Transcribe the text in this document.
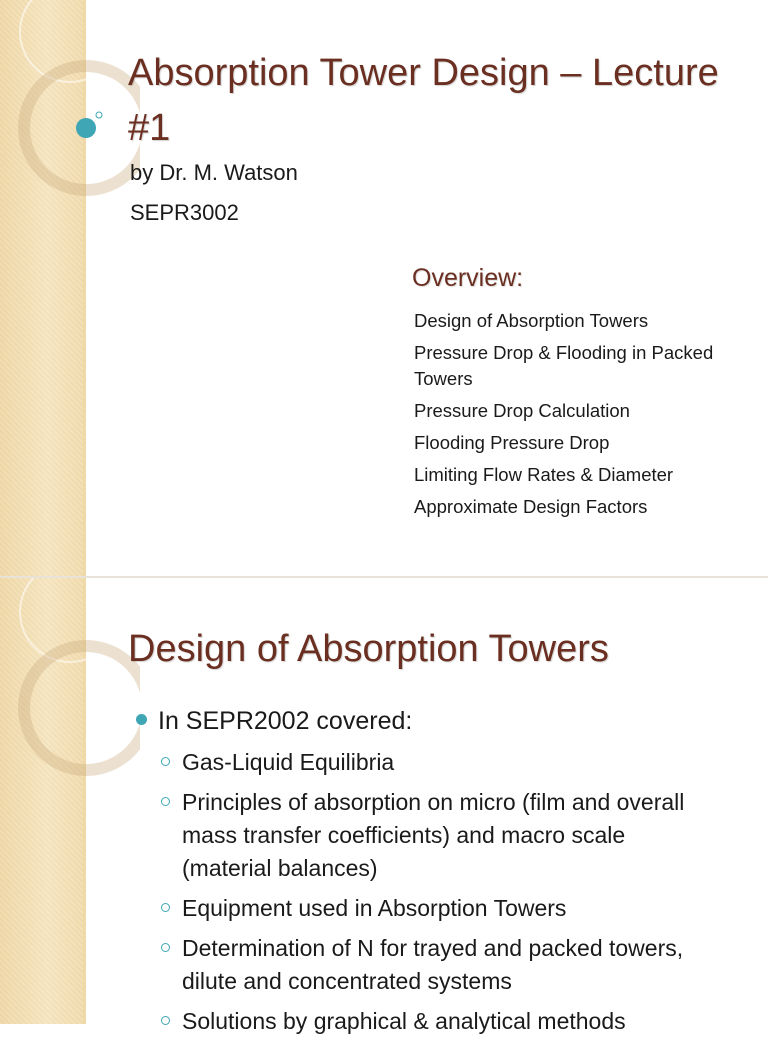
Absorption Tower Design – Lecture #1
by Dr. M. Watson
SEPR3002
Overview:
Design of Absorption Towers
Pressure Drop & Flooding in Packed Towers
Pressure Drop Calculation
Flooding Pressure Drop
Limiting Flow Rates & Diameter
Approximate Design Factors
Design of Absorption Towers
In SEPR2002 covered:
Gas-Liquid Equilibria
Principles of absorption on micro (film and overall mass transfer coefficients) and macro scale (material balances)
Equipment used in Absorption Towers
Determination of N for trayed and packed towers, dilute and concentrated systems
Solutions by graphical & analytical methods
